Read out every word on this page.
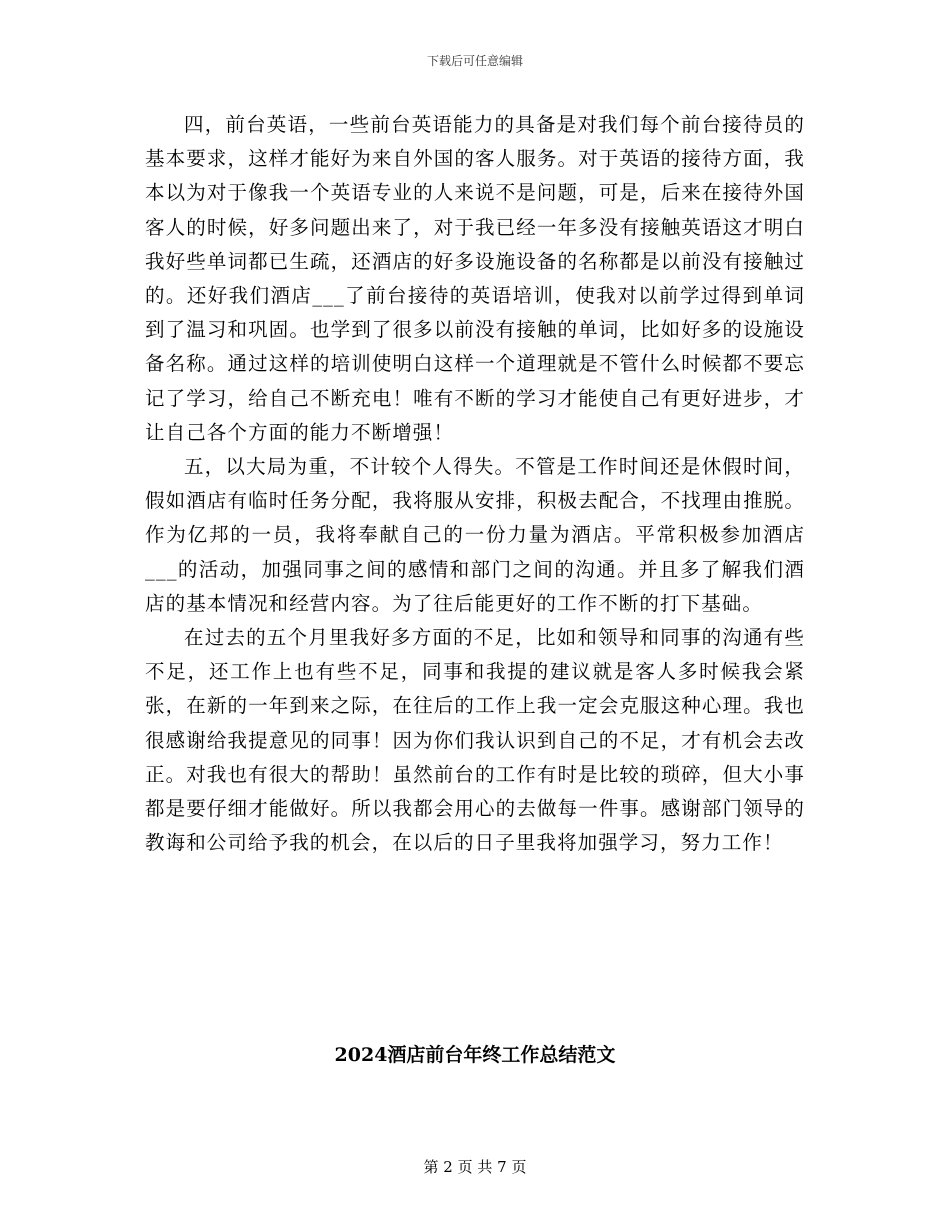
下载后可任意编辑

四，前台英语，一些前台英语能力的具备是对我们每个前台接待员的基本要求，这样才能好为来自外国的客人服务。对于英语的接待方面，我本以为对于像我一个英语专业的人来说不是问题，可是，后来在接待外国客人的时候，好多问题出来了，对于我已经一年多没有接触英语这才明白我好些单词都已生疏，还酒店的好多设施设备的名称都是以前没有接触过的。还好我们酒店___了前台接待的英语培训，使我对以前学过得到单词到了温习和巩固。也学到了很多以前没有接触的单词，比如好多的设施设备名称。通过这样的培训使明白这样一个道理就是不管什么时候都不要忘记了学习，给自己不断充电！唯有不断的学习才能使自己有更好进步，才让自己各个方面的能力不断增强！

五，以大局为重，不计较个人得失。不管是工作时间还是休假时间，假如酒店有临时任务分配，我将服从安排，积极去配合，不找理由推脱。作为亿邦的一员，我将奉献自己的一份力量为酒店。平常积极参加酒店___的活动，加强同事之间的感情和部门之间的沟通。并且多了解我们酒店的基本情况和经营内容。为了往后能更好的工作不断的打下基础。

在过去的五个月里我好多方面的不足，比如和领导和同事的沟通有些不足，还工作上也有些不足，同事和我提的建议就是客人多时候我会紧张，在新的一年到来之际，在往后的工作上我一定会克服这种心理。我也很感谢给我提意见的同事！因为你们我认识到自己的不足，才有机会去改正。对我也有很大的帮助！虽然前台的工作有时是比较的琐碎，但大小事都是要仔细才能做好。所以我都会用心的去做每一件事。感谢部门领导的教诲和公司给予我的机会，在以后的日子里我将加强学习，努力工作！

2024酒店前台年终工作总结范文
第 2 页 共 7 页
